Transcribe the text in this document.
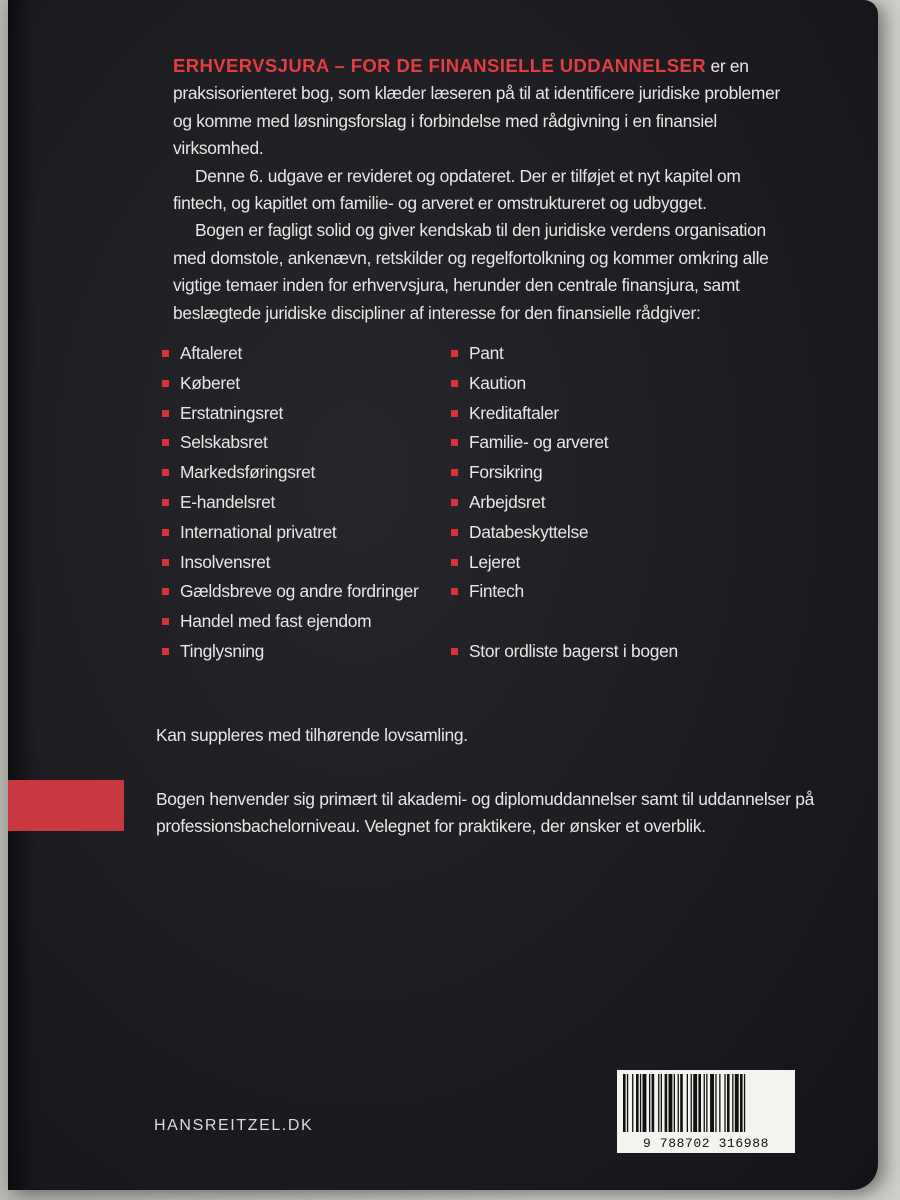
ERHVERVSJURA – FOR DE FINANSIELLE UDDANNELSER er en praksisorienteret bog, som klæder læseren på til at identificere juridiske problemer og komme med løsningsforslag i forbindelse med rådgivning i en finansiel virksomhed.

Denne 6. udgave er revideret og opdateret. Der er tilføjet et nyt kapitel om fintech, og kapitlet om familie- og arveret er omstruktureret og udbygget.

Bogen er fagligt solid og giver kendskab til den juridiske verdens organisation med domstole, ankenævn, retskilder og regelfortolkning og kommer omkring alle vigtige temaer inden for erhvervsjura, herunder den centrale finansjura, samt beslægtede juridiske discipliner af interesse for den finansielle rådgiver:

Aftaleret
Køberet
Erstatningsret
Selskabsret
Markedsføringsret
E-handelsret
International privatret
Insolvensret
Gældsbreve og andre fordringer
Handel med fast ejendom
Tinglysning
Pant
Kaution
Kreditaftaler
Familie- og arveret
Forsikring
Arbejdsret
Databeskyttelse
Lejeret
Fintech
Stor ordliste bagerst i bogen

Kan suppleres med tilhørende lovsamling.

Bogen henvender sig primært til akademi- og diplomuddannelser samt til uddannelser på professionsbachelorniveau. Velegnet for praktikere, der ønsker et overblik.

HANSREITZEL.DK
9 788702 316988
